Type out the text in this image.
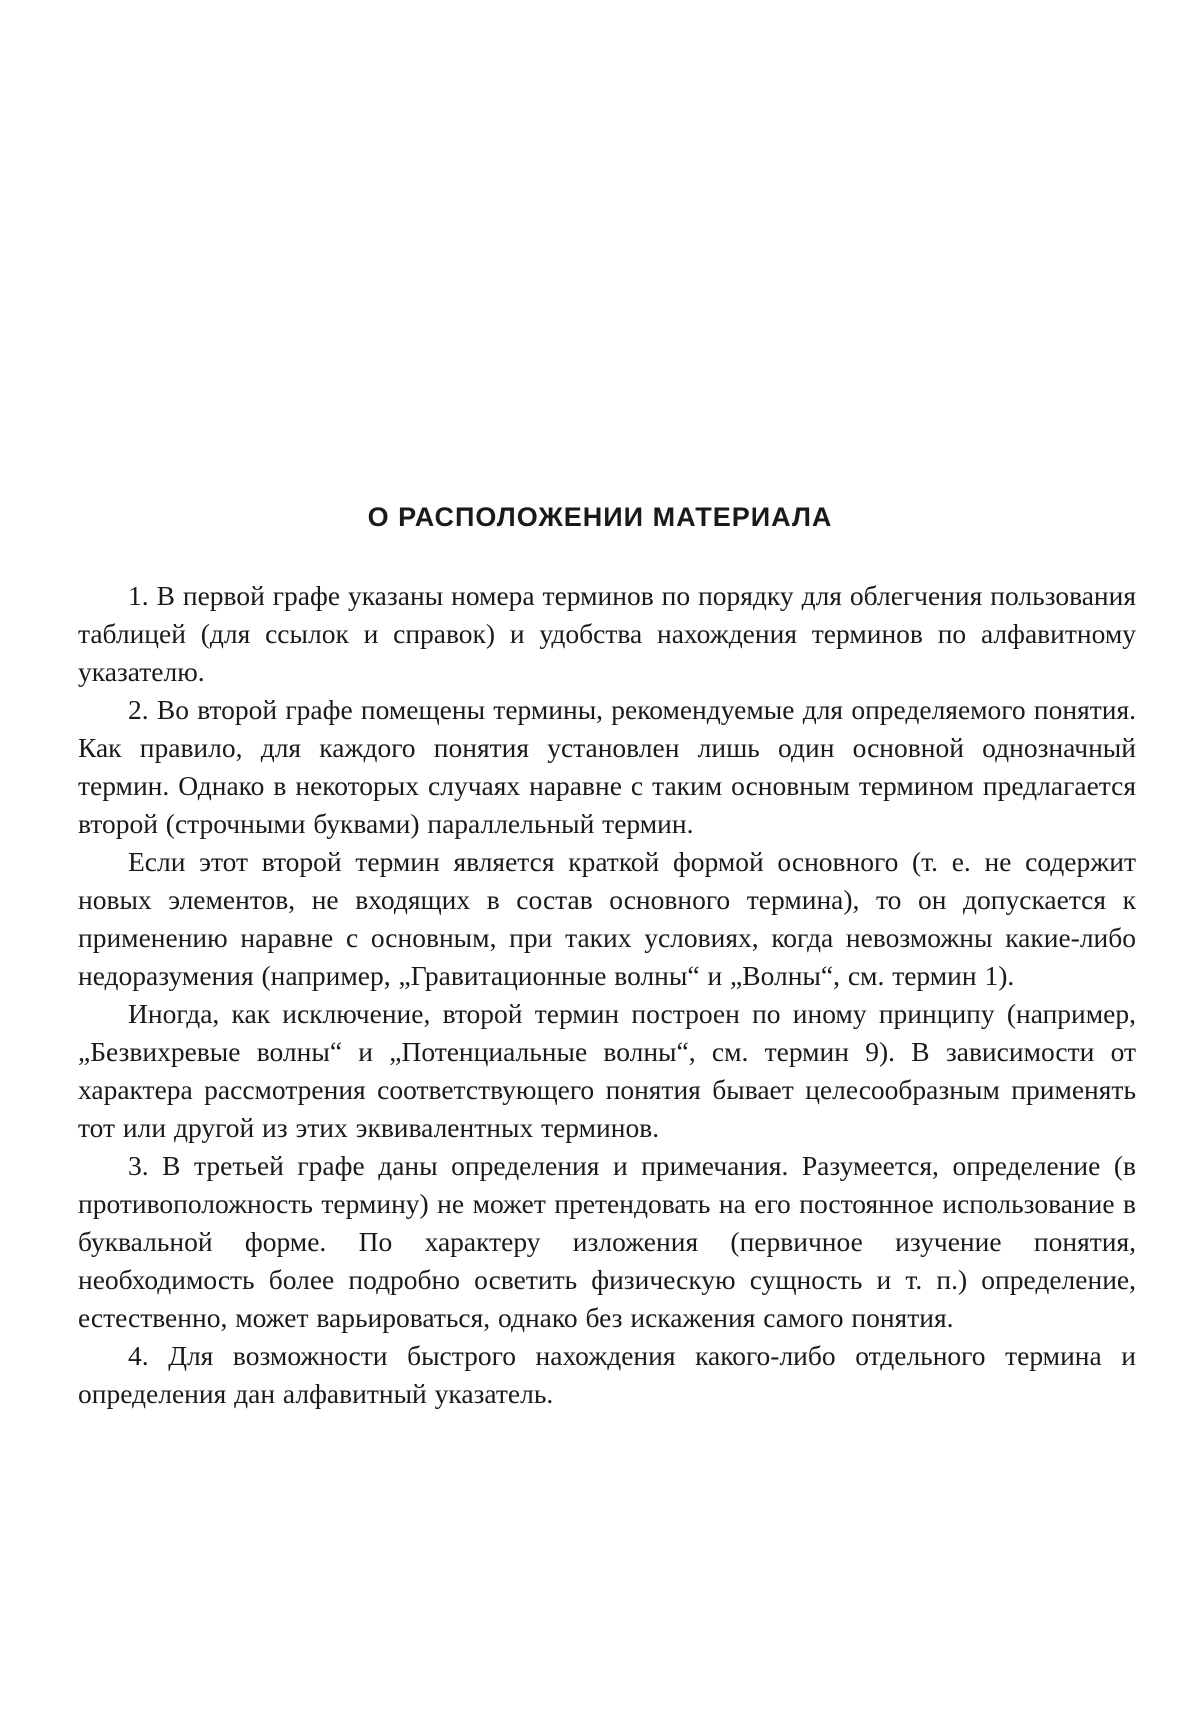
О РАСПОЛОЖЕНИИ МАТЕРИАЛА

1. В первой графе указаны номера терминов по порядку для облегчения пользования таблицей (для ссылок и справок) и удобства нахождения терминов по алфавитному указателю.

2. Во второй графе помещены термины, рекомендуемые для определяемого понятия. Как правило, для каждого понятия установлен лишь один основной однозначный термин. Однако в некоторых случаях наравне с таким основным термином предлагается второй (строчными буквами) параллельный термин.

Если этот второй термин является краткой формой основного (т. е. не содержит новых элементов, не входящих в состав основного термина), то он допускается к применению наравне с основным, при таких условиях, когда невозможны какие-либо недоразумения (например, „Гравитационные волны“ и „Волны“, см. термин 1).

Иногда, как исключение, второй термин построен по иному принципу (например, „Безвихревые волны“ и „Потенциальные волны“, см. термин 9). В зависимости от характера рассмотрения соответствующего понятия бывает целесообразным применять тот или другой из этих эквивалентных терминов.

3. В третьей графе даны определения и примечания. Разумеется, определение (в противоположность термину) не может претендовать на его постоянное использование в буквальной форме. По характеру изложения (первичное изучение понятия, необходимость более подробно осветить физическую сущность и т. п.) определение, естественно, может варьироваться, однако без искажения самого понятия.

4. Для возможности быстрого нахождения какого-либо отдельного термина и определения дан алфавитный указатель.
